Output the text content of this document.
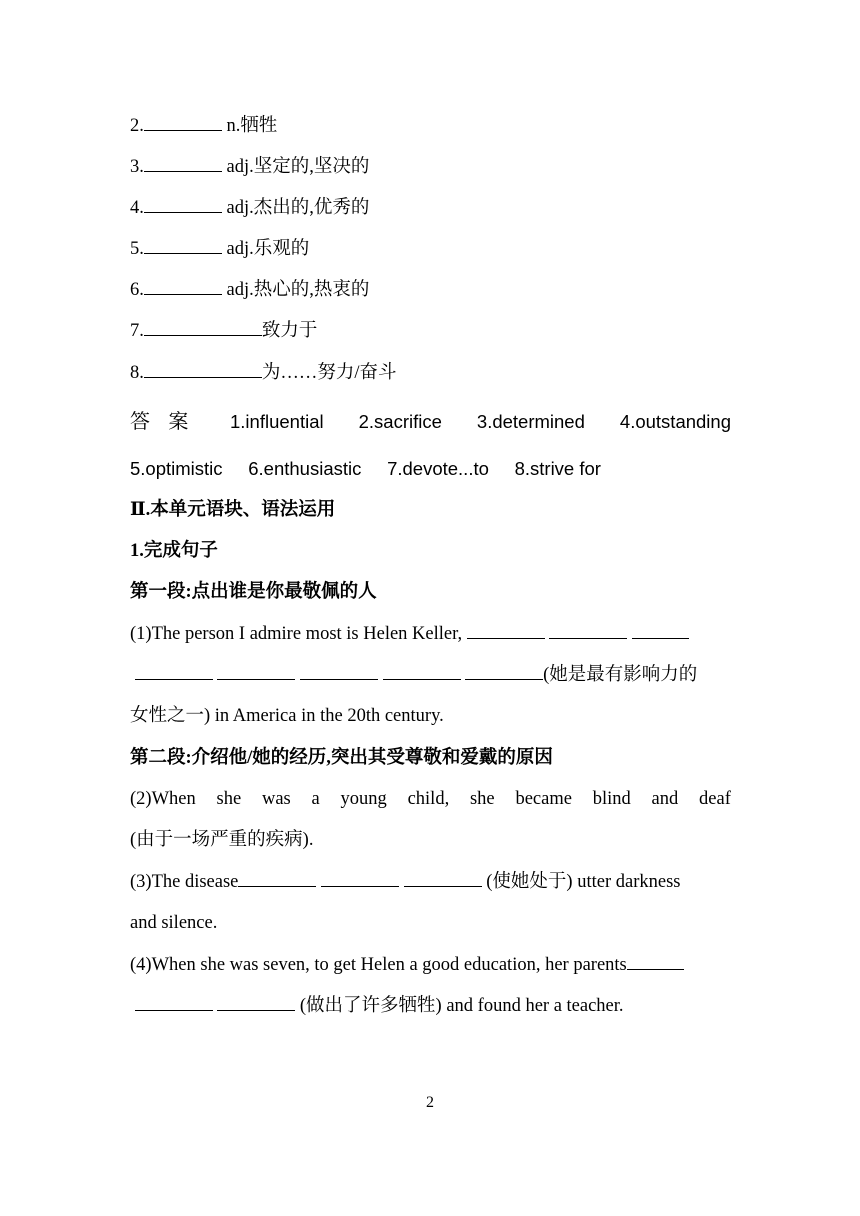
2.	n.牺牲
3.	adj.坚定的,坚决的
4.	adj.杰出的,优秀的
5.	adj.乐观的
6.	adj.热心的,热衷的
7.	致力于
8.	为……努力/奋斗
答 案	1.influential 2.sacrifice 3.determined 4.outstanding
5.optimistic 6.enthusiastic 7.devote...to 8.strive for
Ⅱ.本单元语块、语法运用
1.完成句子
第一段:点出谁是你最敬佩的人
(1)The person I admire most is Helen Keller,
(她是最有影响力的
女性之一) in America in the 20th century.
第二段:介绍他/她的经历,突出其受尊敬和爱戴的原因
(2)When she was a young child, she became blind and deaf
(由于一场严重的疾病).
(3)The disease	(使她处于) utter darkness
and silence.
(4)When she was seven, to get Helen a good education, her parents
(做出了许多牺牲) and found her a teacher.
2
